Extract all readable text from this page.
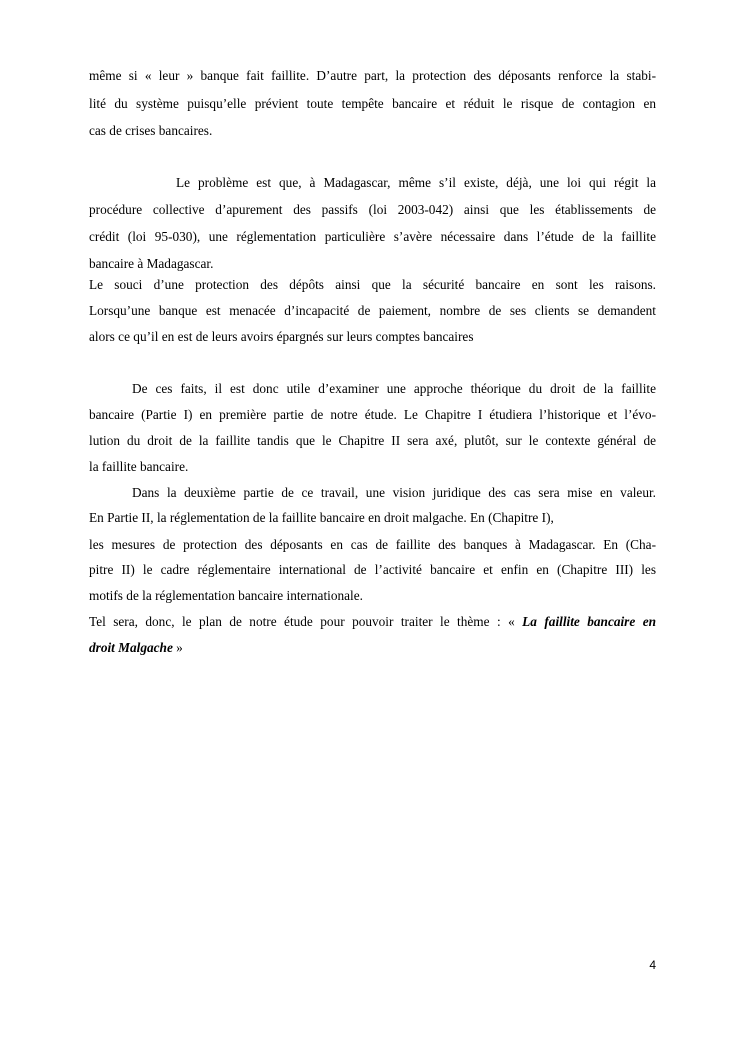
même si « leur » banque fait faillite. D’autre part, la protection des déposants renforce la stabi-
lité du système puisqu’elle prévient toute tempête bancaire et réduit le risque de contagion en
cas de crises bancaires.
Le problème est que, à Madagascar, même s’il existe, déjà, une loi qui régit la
procédure collective d’apurement des passifs (loi 2003-042) ainsi que les établissements de
crédit (loi 95-030), une réglementation particulière s’avère nécessaire dans l’étude de la faillite
bancaire à Madagascar.
Le souci d’une protection des dépôts ainsi que la sécurité bancaire en sont les raisons.
Lorsqu’une banque est menacée d’incapacité de paiement, nombre de ses clients se demandent
alors ce qu’il en est de leurs avoirs épargnés sur leurs comptes bancaires
De ces faits, il est donc utile d’examiner une approche théorique du droit de la faillite
bancaire (Partie I) en première partie de notre étude. Le Chapitre I étudiera l’historique et l’évo-
lution du droit de la faillite tandis que le Chapitre II sera axé, plutôt, sur le contexte général de
la faillite bancaire.
Dans la deuxième partie de ce travail, une vision juridique des cas sera mise en valeur.
En Partie II, la réglementation de la faillite bancaire en droit malgache. En (Chapitre I),
les mesures de protection des déposants en cas de faillite des banques à Madagascar. En (Cha-
pitre II) le cadre réglementaire international de l’activité bancaire et enfin en (Chapitre III) les
motifs de la réglementation bancaire internationale.
Tel sera, donc, le plan de notre étude pour pouvoir traiter le thème : « La faillite bancaire en
droit Malgache »
4
